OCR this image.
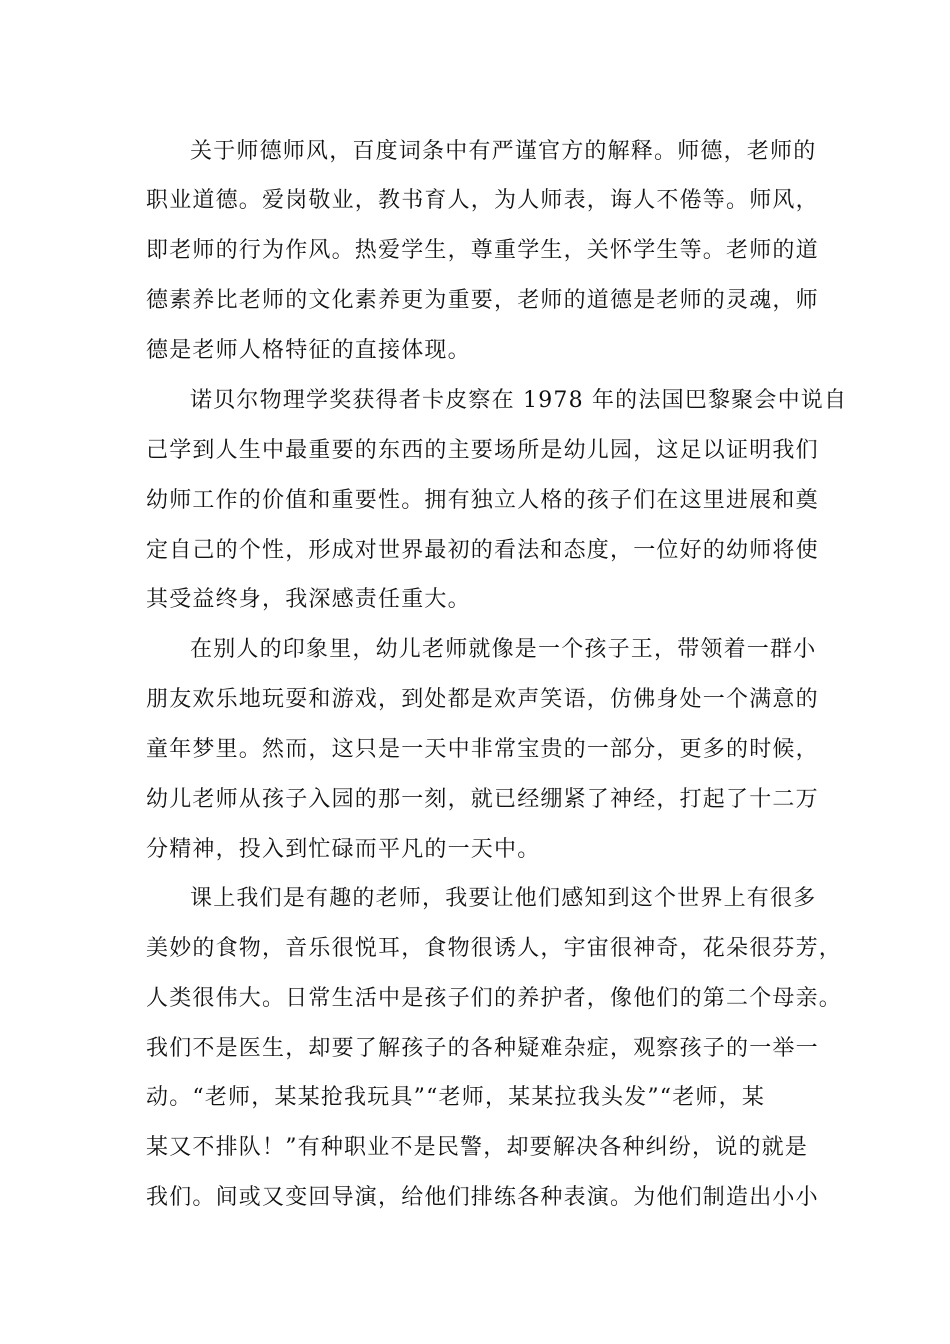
关于师德师风，百度词条中有严谨官方的解释。师德，老师的
职业道德。爱岗敬业，教书育人，为人师表，诲人不倦等。师风，
即老师的行为作风。热爱学生，尊重学生，关怀学生等。老师的道
德素养比老师的文化素养更为重要，老师的道德是老师的灵魂，师
德是老师人格特征的直接体现。
诺贝尔物理学奖获得者卡皮察在 1978 年的法国巴黎聚会中说自
己学到人生中最重要的东西的主要场所是幼儿园，这足以证明我们
幼师工作的价值和重要性。拥有独立人格的孩子们在这里进展和奠
定自己的个性，形成对世界最初的看法和态度，一位好的幼师将使
其受益终身，我深感责任重大。
在别人的印象里，幼儿老师就像是一个孩子王，带领着一群小
朋友欢乐地玩耍和游戏，到处都是欢声笑语，仿佛身处一个满意的
童年梦里。然而，这只是一天中非常宝贵的一部分，更多的时候，
幼儿老师从孩子入园的那一刻，就已经绷紧了神经，打起了十二万
分精神，投入到忙碌而平凡的一天中。
课上我们是有趣的老师，我要让他们感知到这个世界上有很多
美妙的食物，音乐很悦耳，食物很诱人，宇宙很神奇，花朵很芬芳，
人类很伟大。日常生活中是孩子们的养护者，像他们的第二个母亲。
我们不是医生，却要了解孩子的各种疑难杂症，观察孩子的一举一
动。“老师，某某抢我玩具”“老师，某某拉我头发”“老师，某
某又不排队！”有种职业不是民警，却要解决各种纠纷，说的就是
我们。间或又变回导演，给他们排练各种表演。为他们制造出小小
